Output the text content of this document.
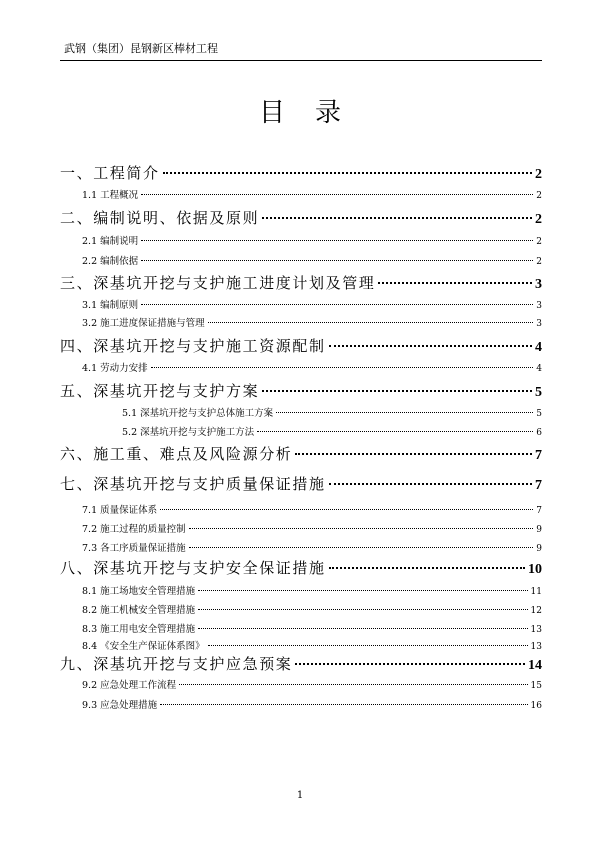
武钢（集团）昆钢新区棒材工程
目录
一、工程简介	2
1.1 工程概况	2
二、编制说明、依据及原则	2
2.1 编制说明	2
2.2 编制依据	2
三、深基坑开挖与支护施工进度计划及管理	3
3.1 编制原则	3
3.2 施工进度保证措施与管理	3
四、深基坑开挖与支护施工资源配制	4
4.1 劳动力安排	4
五、深基坑开挖与支护方案	5
5.1 深基坑开挖与支护总体施工方案	5
5.2 深基坑开挖与支护施工方法	6
六、施工重、难点及风险源分析	7
七、深基坑开挖与支护质量保证措施	7
7.1 质量保证体系	7
7.2 施工过程的质量控制	9
7.3 各工序质量保证措施	9
八、深基坑开挖与支护安全保证措施	10
8.1 施工场地安全管理措施	11
8.2 施工机械安全管理措施	12
8.3 施工用电安全管理措施	13
8.4 《安全生产保证体系图》	13
九、深基坑开挖与支护应急预案	14
9.2 应急处理工作流程	15
9.3 应急处理措施	16
1
